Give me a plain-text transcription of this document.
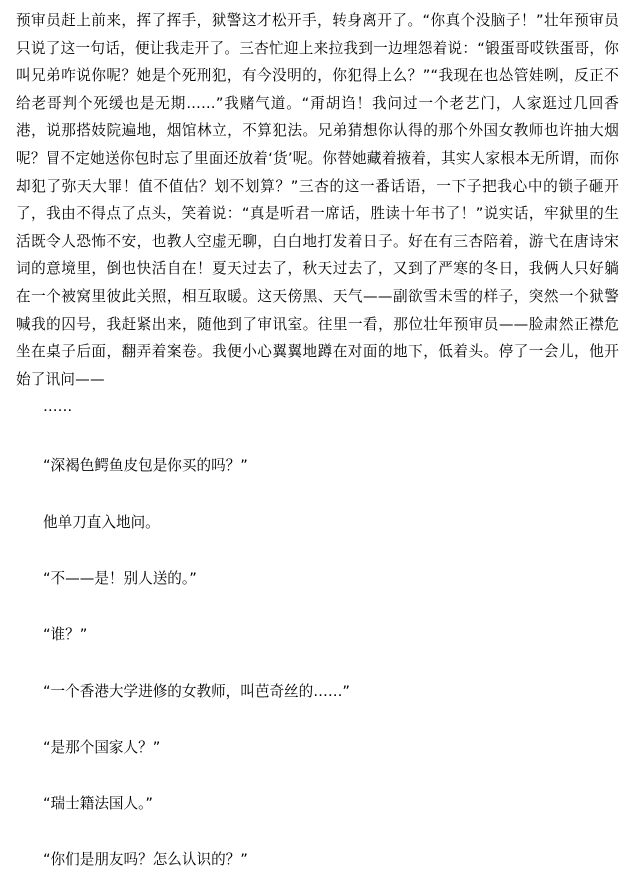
预审员赶上前来，挥了挥手，狱警这才松开手，转身离开了。“你真个没脑子！”壮年预审员只说了这一句话，便让我走开了。三杏忙迎上来拉我到一边埋怨着说：“锻蛋哥哎铁蛋哥，你叫兄弟咋说你呢？她是个死刑犯，有今没明的，你犯得上么？”“我现在也怂管娃咧，反正不给老哥判个死缓也是无期……”我赌气道。“甭胡诌！我问过一个老艺门，人家逛过几回香港，说那搭妓院遍地，烟馆林立，不算犯法。兄弟猜想你认得的那个外国女教师也许抽大烟呢？冒不定她送你包时忘了里面还放着‘货’呢。你替她藏着掖着，其实人家根本无所谓，而你却犯了弥天大罪！值不值估？划不划算？”三杏的这一番话语，一下子把我心中的锁子砸开了，我由不得点了点头，笑着说：“真是听君一席话，胜读十年书了！”说实话，牢狱里的生活既令人恐怖不安，也教人空虚无聊，白白地打发着日子。好在有三杏陪着，游弋在唐诗宋词的意境里，倒也快活自在！夏天过去了，秋天过去了，又到了严寒的冬日，我俩人只好躺在一个被窝里彼此关照，相互取暖。这天傍黑、天气——副欲雪未雪的样子，突然一个狱警喊我的囚号，我赶紧出来，随他到了审讯室。往里一看，那位壮年预审员——脸肃然正襟危坐在桌子后面，翻弄着案卷。我便小心翼翼地蹲在对面的地下，低着头。停了一会儿，他开始了讯问——

……

“深褐色鳄鱼皮包是你买的吗？”

他单刀直入地问。

“不——是！别人送的。”

“谁？”

“一个香港大学进修的女教师，叫芭奇丝的……”

“是那个国家人？”

“瑞士籍法国人。”

“你们是朋友吗？怎么认识的？”
